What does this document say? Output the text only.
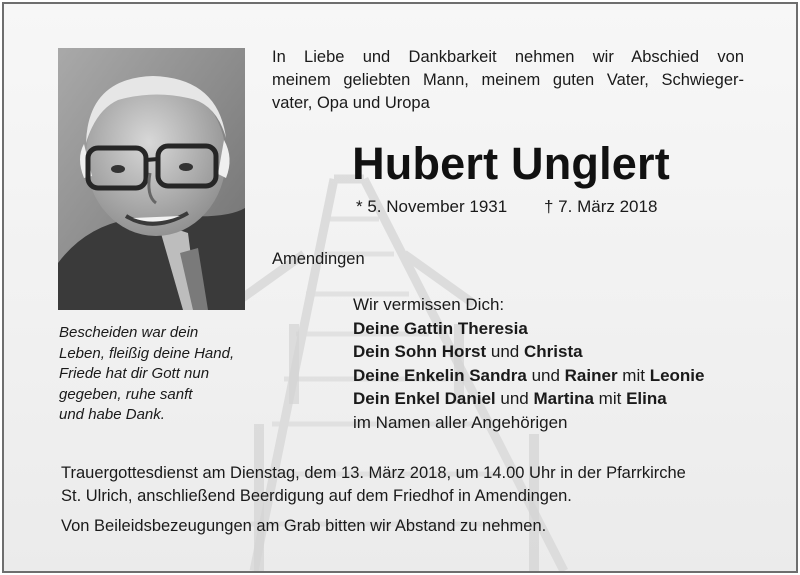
Bescheiden war dein
Leben, fleißig deine Hand,
Friede hat dir Gott nun
gegeben, ruhe sanft
und habe Dank.
In Liebe und Dankbarkeit nehmen wir Abschied von
meinem geliebten Mann, meinem guten Vater, Schwieger-
vater, Opa und Uropa
Hubert Unglert
* 5. November 1931 † 7. März 2018
Amendingen
Wir vermissen Dich:
Deine Gattin Theresia
Dein Sohn Horst und Christa
Deine Enkelin Sandra und Rainer mit Leonie
Dein Enkel Daniel und Martina mit Elina
im Namen aller Angehörigen
Trauergottesdienst am Dienstag, dem 13. März 2018, um 14.00 Uhr in der Pfarrkirche
St. Ulrich, anschließend Beerdigung auf dem Friedhof in Amendingen.
Von Beileidsbezeugungen am Grab bitten wir Abstand zu nehmen.
